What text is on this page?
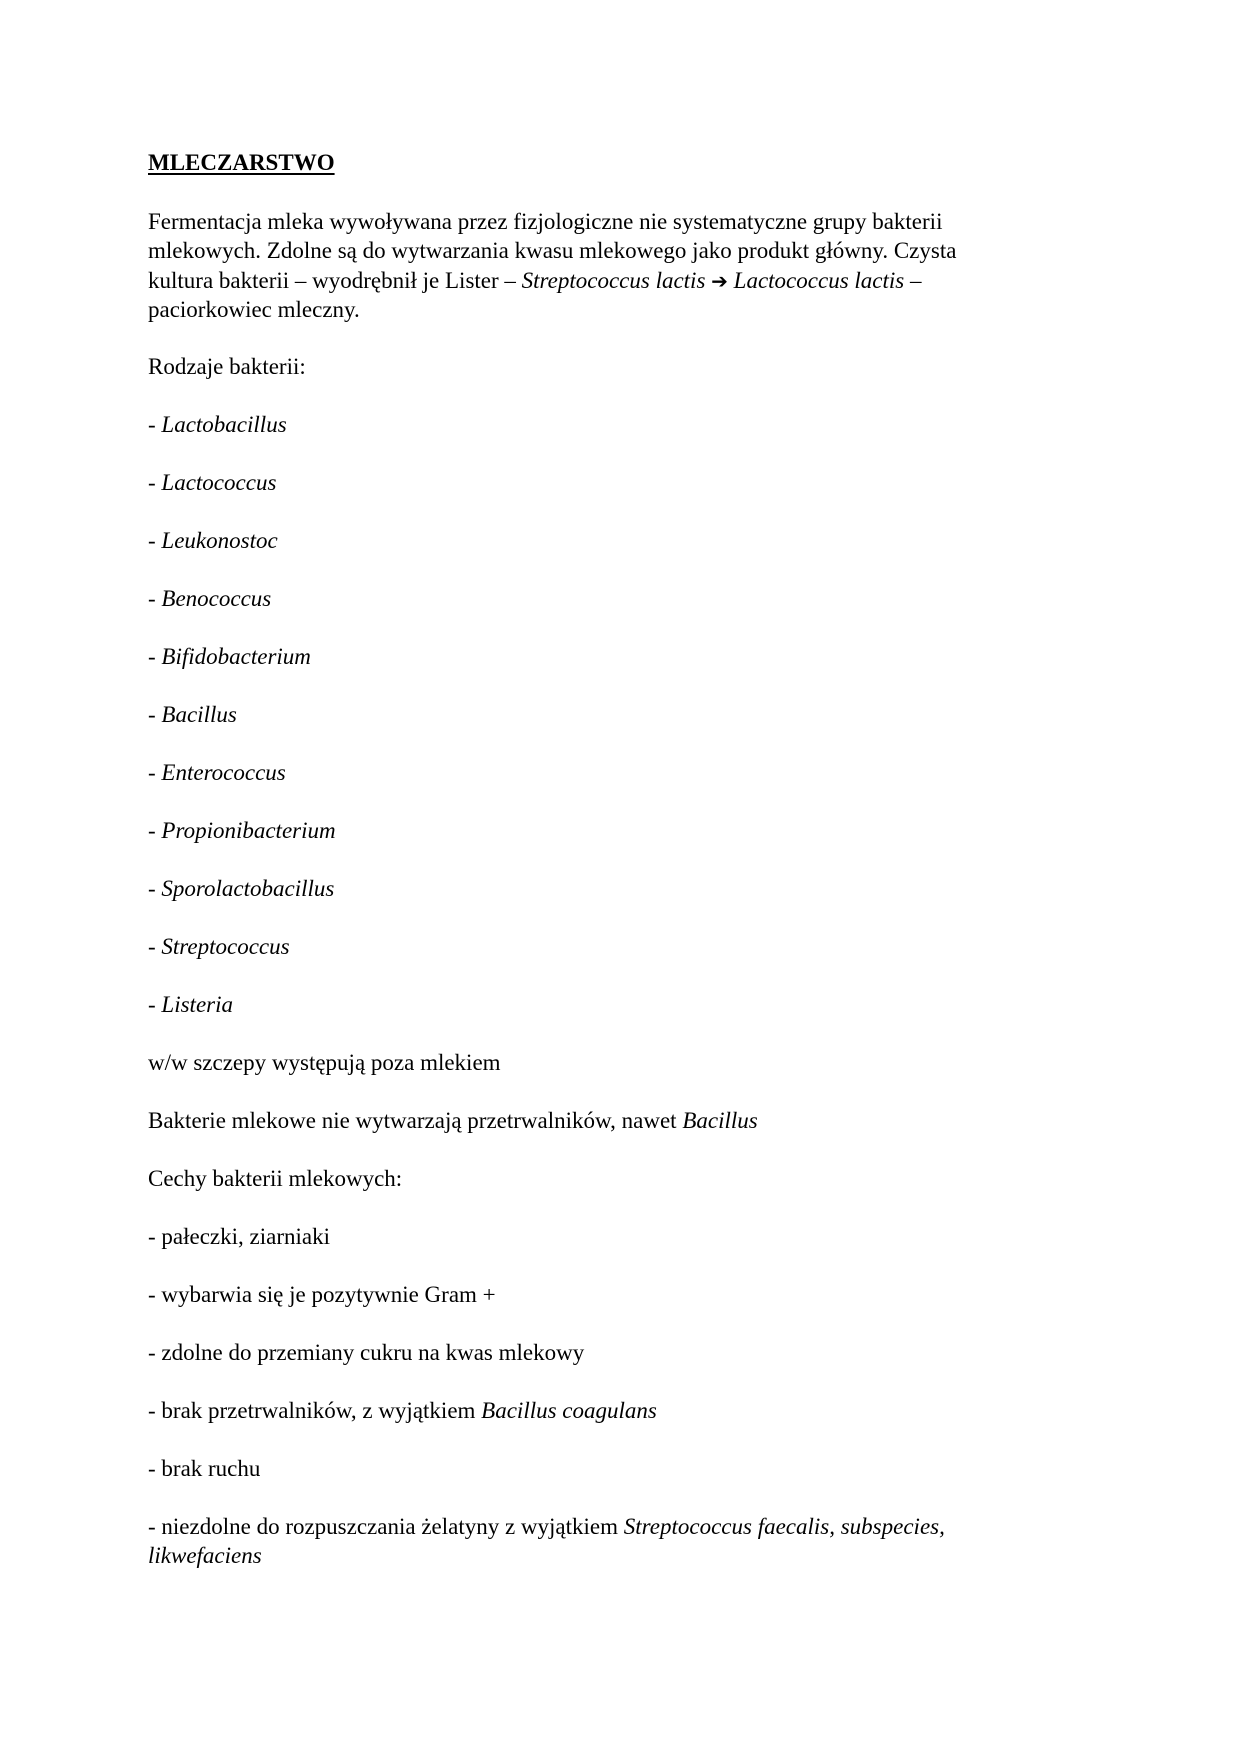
MLECZARSTWO
Fermentacja mleka wywoływana przez fizjologiczne nie systematyczne grupy bakterii
mlekowych. Zdolne są do wytwarzania kwasu mlekowego jako produkt główny. Czysta
kultura bakterii – wyodrębnił je Lister – Streptococcus lactis ➔ Lactococcus lactis –
paciorkowiec mleczny.
Rodzaje bakterii:
- Lactobacillus
- Lactococcus
- Leukonostoc
- Benococcus
- Bifidobacterium
- Bacillus
- Enterococcus
- Propionibacterium
- Sporolactobacillus
- Streptococcus
- Listeria
w/w szczepy występują poza mlekiem
Bakterie mlekowe nie wytwarzają przetrwalników, nawet Bacillus
Cechy bakterii mlekowych:
- pałeczki, ziarniaki
- wybarwia się je pozytywnie Gram +
- zdolne do przemiany cukru na kwas mlekowy
- brak przetrwalników, z wyjątkiem Bacillus coagulans
- brak ruchu
- niezdolne do rozpuszczania żelatyny z wyjątkiem Streptococcus faecalis, subspecies,
likwefaciens
